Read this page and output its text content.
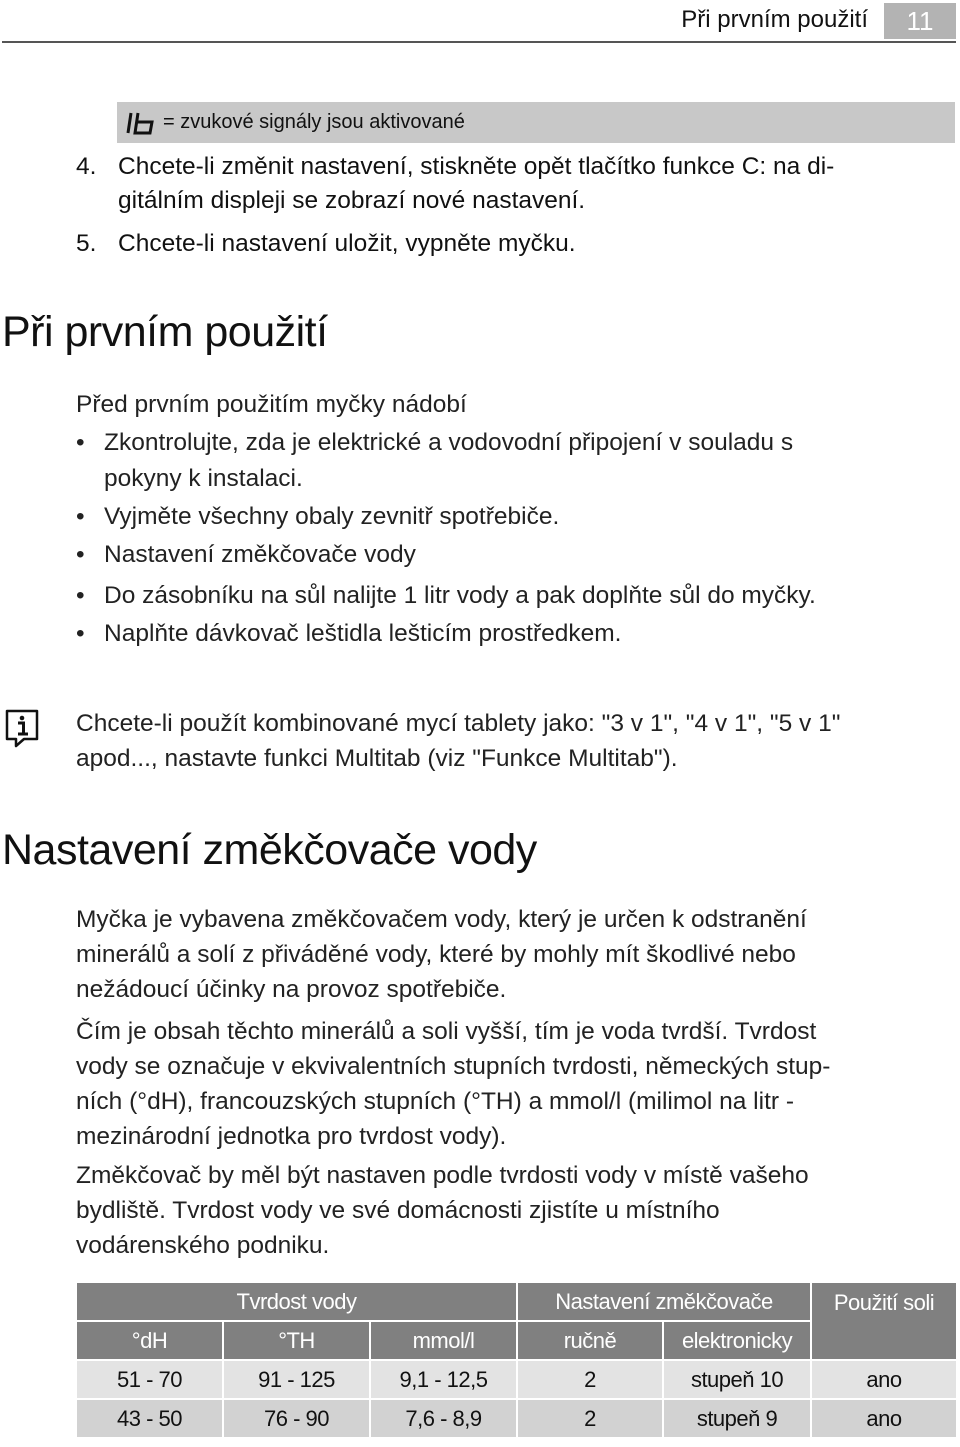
Při prvním použití	11
= zvukové signály jsou aktivované
4. Chcete-li změnit nastavení, stiskněte opět tlačítko funkce C: na di-
gitálním displeji se zobrazí nové nastavení.
5. Chcete-li nastavení uložit, vypněte myčku.
Při prvním použití
Před prvním použitím myčky nádobí
• Zkontrolujte, zda je elektrické a vodovodní připojení v souladu s
pokyny k instalaci.
• Vyjměte všechny obaly zevnitř spotřebiče.
• Nastavení změkčovače vody
• Do zásobníku na sůl nalijte 1 litr vody a pak doplňte sůl do myčky.
• Naplňte dávkovač leštidla lešticím prostředkem.
Chcete-li použít kombinované mycí tablety jako: "3 v 1", "4 v 1", "5 v 1"
apod..., nastavte funkci Multitab (viz "Funkce Multitab").
Nastavení změkčovače vody
Myčka je vybavena změkčovačem vody, který je určen k odstranění
minerálů a solí z přiváděné vody, které by mohly mít škodlivé nebo
nežádoucí účinky na provoz spotřebiče.
Čím je obsah těchto minerálů a soli vyšší, tím je voda tvrdší. Tvrdost
vody se označuje v ekvivalentních stupních tvrdosti, německých stup-
ních (°dH), francouzských stupních (°TH) a mmol/l (milimol na litr -
mezinárodní jednotka pro tvrdost vody).
Změkčovač by měl být nastaven podle tvrdosti vody v místě vašeho
bydliště. Tvrdost vody ve své domácnosti zjistíte u místního
vodárenského podniku.
Tvrdost vody			Nastavení změkčovače		Použití soli
°dH	°TH	mmol/l	ručně	elektronicky	
51 - 70	91 - 125	9,1 - 12,5	2	stupeň 10	ano
43 - 50	76 - 90	7,6 - 8,9	2	stupeň 9	ano
